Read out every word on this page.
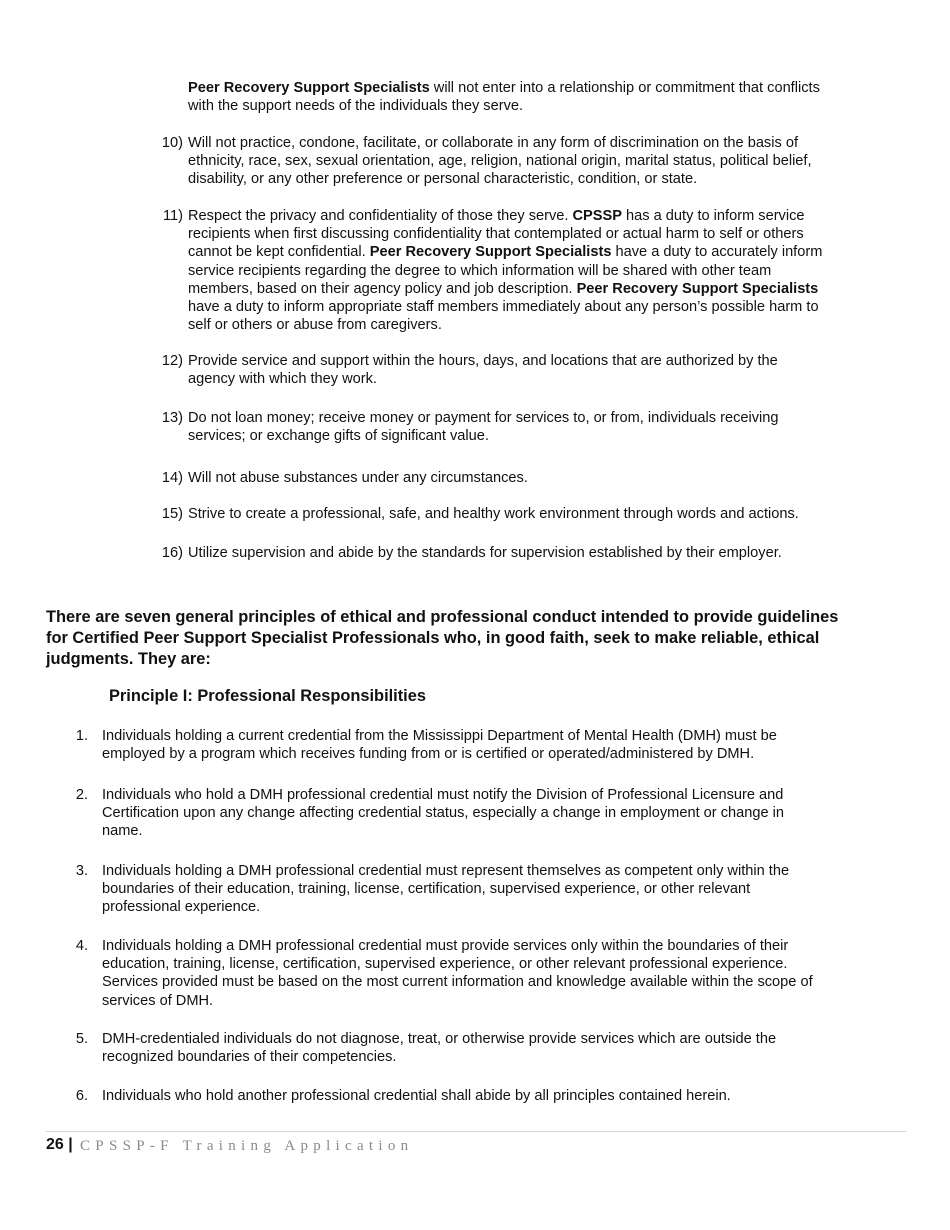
Peer Recovery Support Specialists will not enter into a relationship or commitment that conflicts with the support needs of the individuals they serve.
10) Will not practice, condone, facilitate, or collaborate in any form of discrimination on the basis of ethnicity, race, sex, sexual orientation, age, religion, national origin, marital status, political belief, disability, or any other preference or personal characteristic, condition, or state.
11) Respect the privacy and confidentiality of those they serve. CPSSP has a duty to inform service recipients when first discussing confidentiality that contemplated or actual harm to self or others cannot be kept confidential. Peer Recovery Support Specialists have a duty to accurately inform service recipients regarding the degree to which information will be shared with other team members, based on their agency policy and job description. Peer Recovery Support Specialists have a duty to inform appropriate staff members immediately about any person’s possible harm to self or others or abuse from caregivers.
12) Provide service and support within the hours, days, and locations that are authorized by the agency with which they work.
13) Do not loan money; receive money or payment for services to, or from, individuals receiving services; or exchange gifts of significant value.
14) Will not abuse substances under any circumstances.
15) Strive to create a professional, safe, and healthy work environment through words and actions.
16) Utilize supervision and abide by the standards for supervision established by their employer.
There are seven general principles of ethical and professional conduct intended to provide guidelines for Certified Peer Support Specialist Professionals who, in good faith, seek to make reliable, ethical judgments. They are:
Principle I: Professional Responsibilities
1. Individuals holding a current credential from the Mississippi Department of Mental Health (DMH) must be employed by a program which receives funding from or is certified or operated/administered by DMH.
2. Individuals who hold a DMH professional credential must notify the Division of Professional Licensure and Certification upon any change affecting credential status, especially a change in employment or change in name.
3. Individuals holding a DMH professional credential must represent themselves as competent only within the boundaries of their education, training, license, certification, supervised experience, or other relevant professional experience.
4. Individuals holding a DMH professional credential must provide services only within the boundaries of their education, training, license, certification, supervised experience, or other relevant professional experience. Services provided must be based on the most current information and knowledge available within the scope of services of DMH.
5. DMH-credentialed individuals do not diagnose, treat, or otherwise provide services which are outside the recognized boundaries of their competencies.
6. Individuals who hold another professional credential shall abide by all principles contained herein.
26 | CPSSP-F Training Application
